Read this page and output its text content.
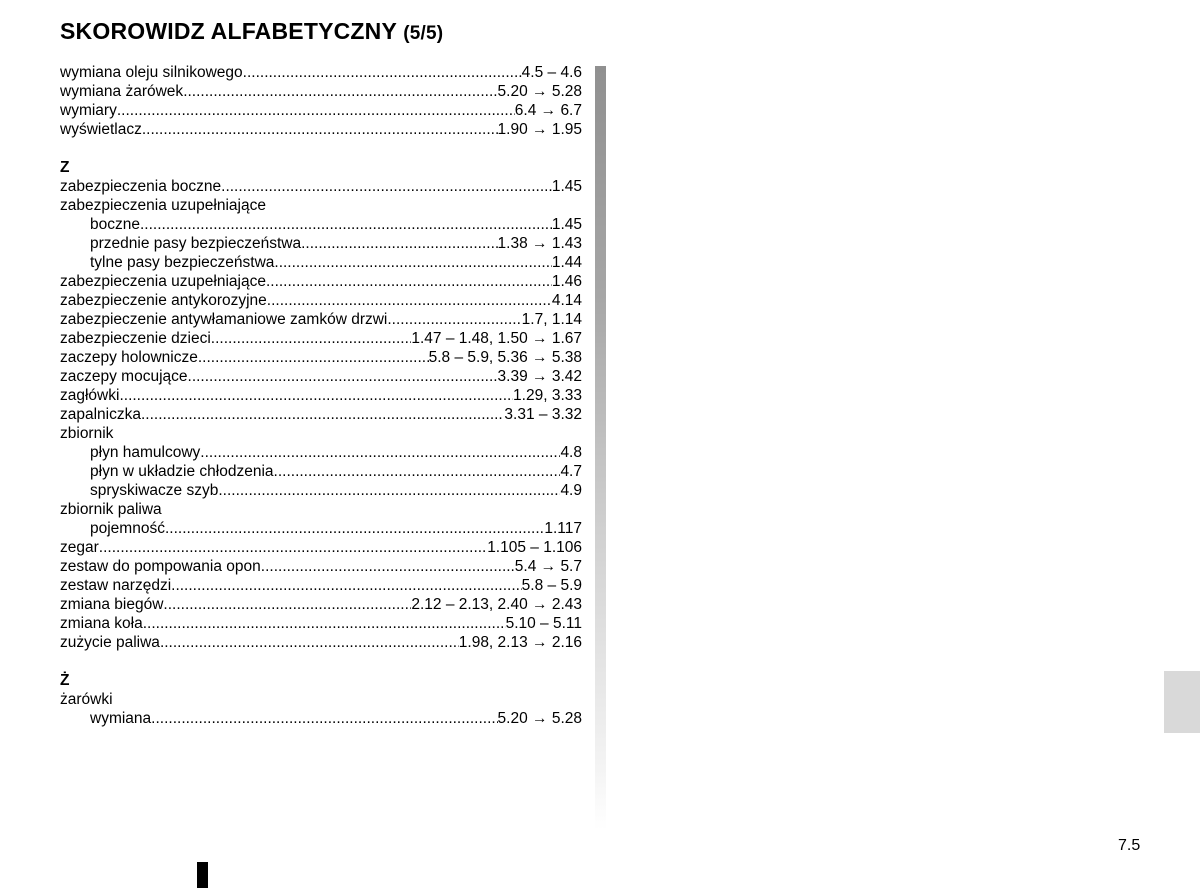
SKOROWIDZ ALFABETYCZNY (5/5)
wymiana oleju silnikowego .....	4.5 – 4.6
wymiana żarówek .....	5.20 → 5.28
wymiary .....	6.4 → 6.7
wyświetlacz .....	1.90 → 1.95
Z
zabezpieczenia boczne .....	1.45
zabezpieczenia uzupełniające
boczne .....	1.45
przednie pasy bezpieczeństwa .....	1.38 → 1.43
tylne pasy bezpieczeństwa .....	1.44
zabezpieczenia uzupełniające .....	1.46
zabezpieczenie antykorozyjne .....	4.14
zabezpieczenie antywłamaniowe zamków drzwi .....	1.7, 1.14
zabezpieczenie dzieci .....	1.47 – 1.48, 1.50 → 1.67
zaczepy holownicze .....	5.8 – 5.9, 5.36 → 5.38
zaczepy mocujące .....	3.39 → 3.42
zagłówki .....	1.29, 3.33
zapalniczka .....	3.31 – 3.32
zbiornik
płyn hamulcowy .....	4.8
płyn w układzie chłodzenia .....	4.7
spryskiwacze szyb .....	4.9
zbiornik paliwa
pojemność .....	1.117
zegar .....	1.105 – 1.106
zestaw do pompowania opon .....	5.4 → 5.7
zestaw narzędzi .....	5.8 – 5.9
zmiana biegów .....	2.12 – 2.13, 2.40 → 2.43
zmiana koła .....	5.10 – 5.11
zużycie paliwa .....	1.98, 2.13 → 2.16
Ż
żarówki
wymiana .....	5.20 → 5.28
7.5
